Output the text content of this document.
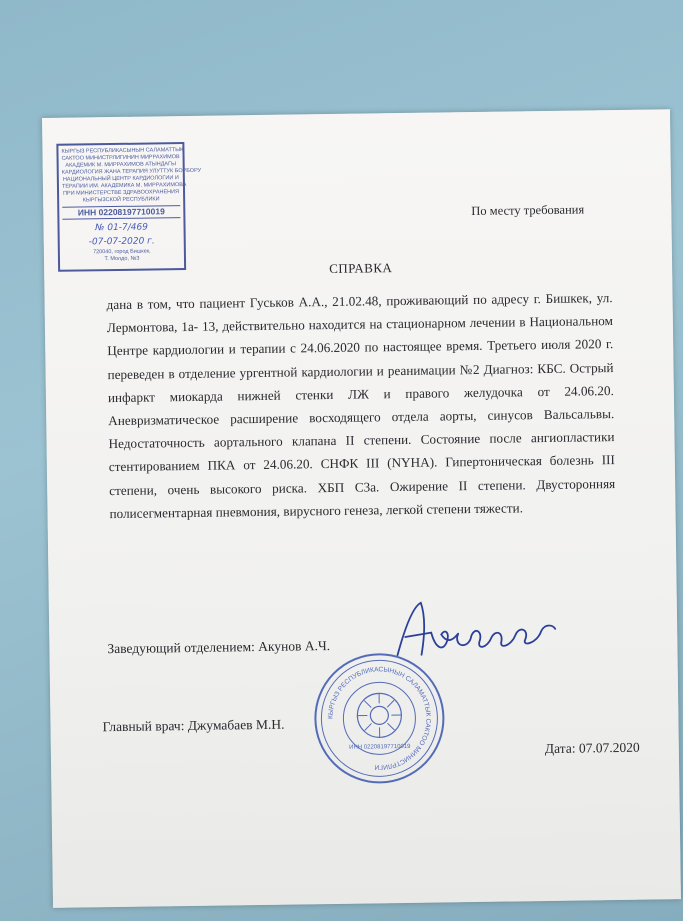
КЫРГЫЗ РЕСПУБЛИКАСЫНЫН САЛАМАТТЫК
САКТОО МИНИСТРЛИГИНИН МИРРАХИМОВ
АКАДЕМИК М. МИРРАХИМОВ АТЫНДАГЫ
КАРДИОЛОГИЯ ЖАНА ТЕРАПИЯ УЛУТТУК БОРБОРУ
НАЦИОНАЛЬНЫЙ ЦЕНТР КАРДИОЛОГИИ И
ТЕРАПИИ ИМ. АКАДЕМИКА М. МИРРАХИМОВА
ПРИ МИНИСТЕРСТВЕ ЗДРАВООХРАНЕНИЯ
КЫРГЫЗСКОЙ РЕСПУБЛИКИ
ИНН 02208197710019
№ 01-7/469
-07-07-2020 г.
720040, город Бишкек,
Т. Молдо, №3
По месту требования
СПРАВКА
дана в том, что пациент Гуськов А.А., 21.02.48, проживающий по адресу г. Бишкек, ул. Лермонтова, 1а- 13, действительно находится на стационарном лечении в Национальном Центре кардиологии и терапии с 24.06.2020 по настоящее время. Третьего июля 2020 г. переведен в отделение ургентной кардиологии и реанимации №2 Диагноз: КБС. Острый инфаркт миокарда нижней стенки ЛЖ и правого желудочка от 24.06.20. Аневризматическое расширение восходящего отдела аорты, синусов Вальсальвы. Недостаточность аортального клапана II степени. Состояние после ангиопластики стентированием ПКА от 24.06.20. СНФК III (NYHA). Гипертоническая болезнь III степени, очень высокого риска. ХБП С3а. Ожирение II степени. Двусторонняя полисегментарная пневмония, вирусного генеза, легкой степени тяжести.
Заведующий отделением: Акунов А.Ч.
Главный врач: Джумабаев М.Н.	КЫРГЫЗ РЕСПУБЛИКАСЫНЫН САЛАМАТТЫК САКТОО МИНИСТРЛИГИ
ИНН 02208197710019	Дата: 07.07.2020
